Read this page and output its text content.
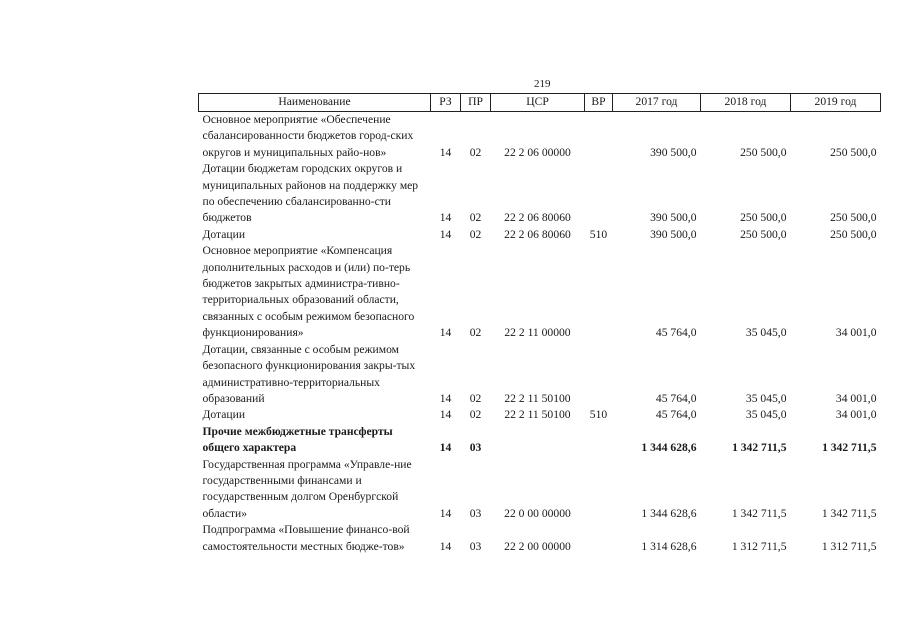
219
Наименование	РЗ	ПР	ЦСР	ВР	2017 год	2018 год	2019 год
Основное мероприятие «Обеспечение сбалансированности бюджетов город-ских округов и муниципальных райо-нов»	14	02	22 2 06 00000		390 500,0	250 500,0	250 500,0
Дотации бюджетам городских округов и муниципальных районов на поддержку мер по обеспечению сбалансированно-сти бюджетов	14	02	22 2 06 80060		390 500,0	250 500,0	250 500,0
Дотации	14	02	22 2 06 80060	510	390 500,0	250 500,0	250 500,0
Основное мероприятие «Компенсация дополнительных расходов и (или) по-терь бюджетов закрытых администра-тивно-территориальных образований области, связанных с особым режимом безопасного функционирования»	14	02	22 2 11 00000		45 764,0	35 045,0	34 001,0
Дотации, связанные с особым режимом безопасного функционирования закры-тых административно-территориальных образований	14	02	22 2 11 50100		45 764,0	35 045,0	34 001,0
Дотации	14	02	22 2 11 50100	510	45 764,0	35 045,0	34 001,0
Прочие межбюджетные трансферты общего характера	14	03			1 344 628,6	1 342 711,5	1 342 711,5
Государственная программа «Управле-ние государственными финансами и государственным долгом Оренбургской области»	14	03	22 0 00 00000		1 344 628,6	1 342 711,5	1 342 711,5
Подпрограмма «Повышение финансо-вой самостоятельности местных бюдже-тов»	14	03	22 2 00 00000		1 314 628,6	1 312 711,5	1 312 711,5
